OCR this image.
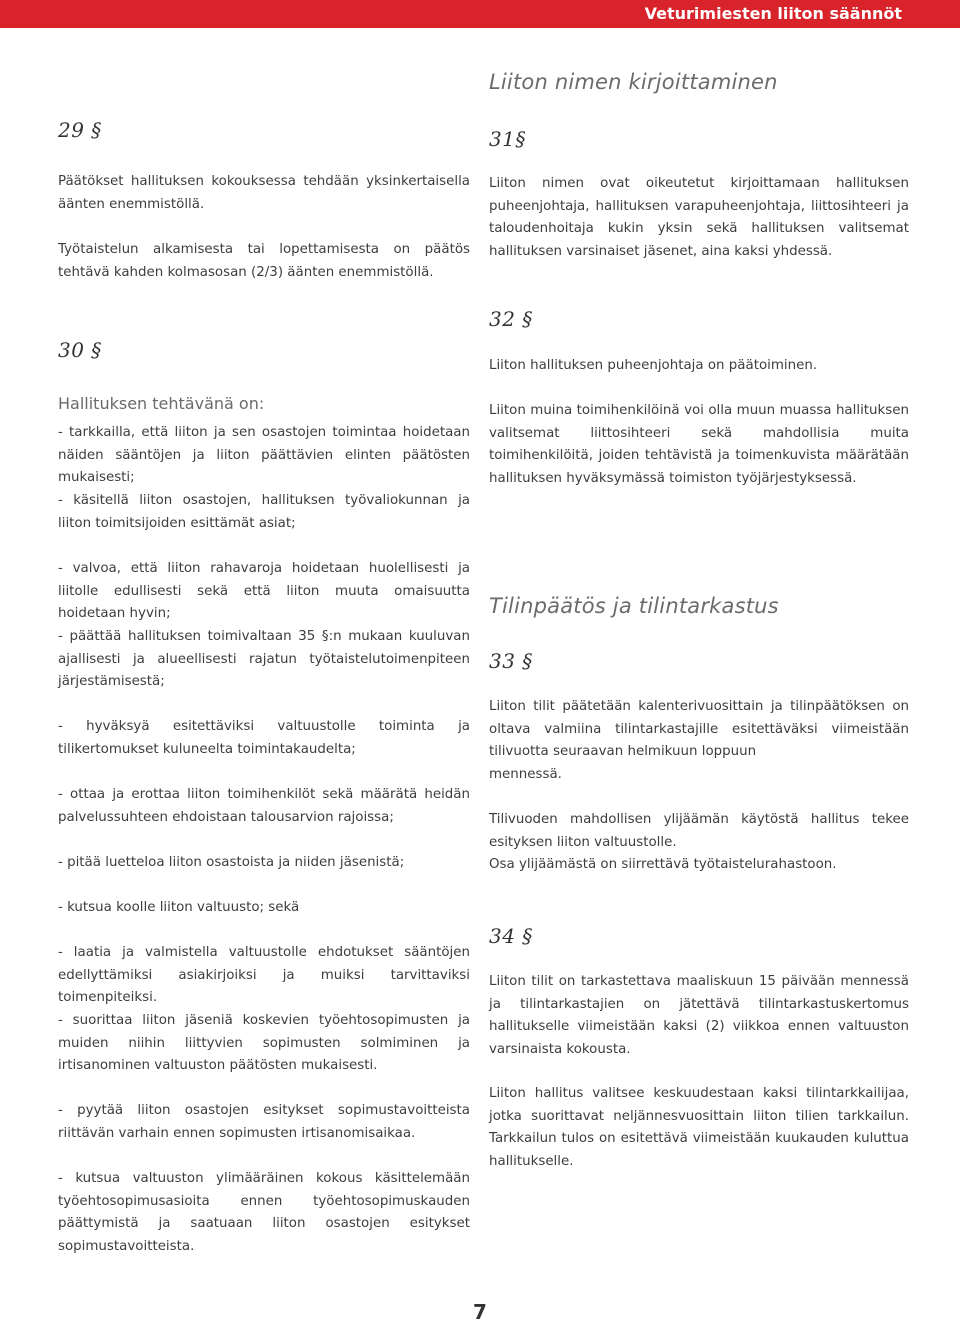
Veturimiesten liiton säännöt
29 §
Päätökset hallituksen kokouksessa tehdään yksinkertaisella äänten enemmistöllä.
Työtaistelun alkamisesta tai lopettamisesta on päätös tehtävä kahden kolmasosan (2/3) äänten enemmistöllä.
30 §
Hallituksen tehtävänä on:
- tarkkailla, että liiton ja sen osastojen toimintaa hoidetaan näiden sääntöjen ja liiton päättävien elinten päätösten mukaisesti;
- käsitellä liiton osastojen, hallituksen työvaliokunnan ja liiton toimitsijoiden esittämät asiat;
- valvoa, että liiton rahavaroja hoidetaan huolellisesti ja liitolle edullisesti sekä että liiton muuta omaisuutta hoidetaan hyvin;
- päättää hallituksen toimivaltaan 35 §:n mukaan kuuluvan ajallisesti ja alueellisesti rajatun työtaistelutoimenpiteen järjestämisestä;
- hyväksyä esitettäviksi valtuustolle toiminta ja tilikertomukset kuluneelta toimintakaudelta;
- ottaa ja erottaa liiton toimihenkilöt sekä määrätä heidän palvelussuhteen ehdoistaan talousarvion rajoissa;
- pitää luetteloa liiton osastoista ja niiden jäsenistä;
- kutsua koolle liiton valtuusto; sekä
- laatia ja valmistella valtuustolle ehdotukset sääntöjen edellyttämiksi asiakirjoiksi ja muiksi tarvittaviksi toimenpiteiksi.
- suorittaa liiton jäseniä koskevien työehtosopimusten ja muiden niihin liittyvien sopimusten solmiminen ja irtisanominen valtuuston päätösten mukaisesti.
- pyytää liiton osastojen esitykset sopimustavoitteista riittävän varhain ennen sopimusten irtisanomisaikaa.
- kutsua valtuuston ylimääräinen kokous käsittelemään työehtosopimusasioita ennen työehtosopimuskauden päättymistä ja saatuaan liiton osastojen esitykset sopimustavoitteista.
Liiton nimen kirjoittaminen
31§
Liiton nimen ovat oikeutetut kirjoittamaan hallituksen puheenjohtaja, hallituksen varapuheenjohtaja, liittosihteeri ja taloudenhoitaja kukin yksin sekä hallituksen valitsemat hallituksen varsinaiset jäsenet, aina kaksi yhdessä.
32 §
Liiton hallituksen puheenjohtaja on päätoiminen.
Liiton muina toimihenkilöinä voi olla muun muassa hallituksen valitsemat liittosihteeri sekä mahdollisia muita toimihenkilöitä, joiden tehtävistä ja toimenkuvista määrätään hallituksen hyväksymässä toimiston työjärjestyksessä.
Tilinpäätös ja tilintarkastus
33 §
Liiton tilit päätetään kalenterivuosittain ja tilinpäätöksen on oltava valmiina tilintarkastajille esitettäväksi viimeistään tilivuotta seuraavan helmikuun loppuun
mennessä.
Tilivuoden mahdollisen ylijäämän käytöstä hallitus tekee esityksen liiton valtuustolle.
Osa ylijäämästä on siirrettävä työtaistelurahastoon.
34 §
Liiton tilit on tarkastettava maaliskuun 15 päivään mennessä ja tilintarkastajien on jätettävä tilintarkastuskertomus hallitukselle viimeistään kaksi (2) viikkoa ennen valtuuston varsinaista kokousta.
Liiton hallitus valitsee keskuudestaan kaksi tilintarkkailijaa, jotka suorittavat neljännesvuosittain liiton tilien tarkkailun. Tarkkailun tulos on esitettävä viimeistään kuukauden kuluttua hallitukselle.
7
